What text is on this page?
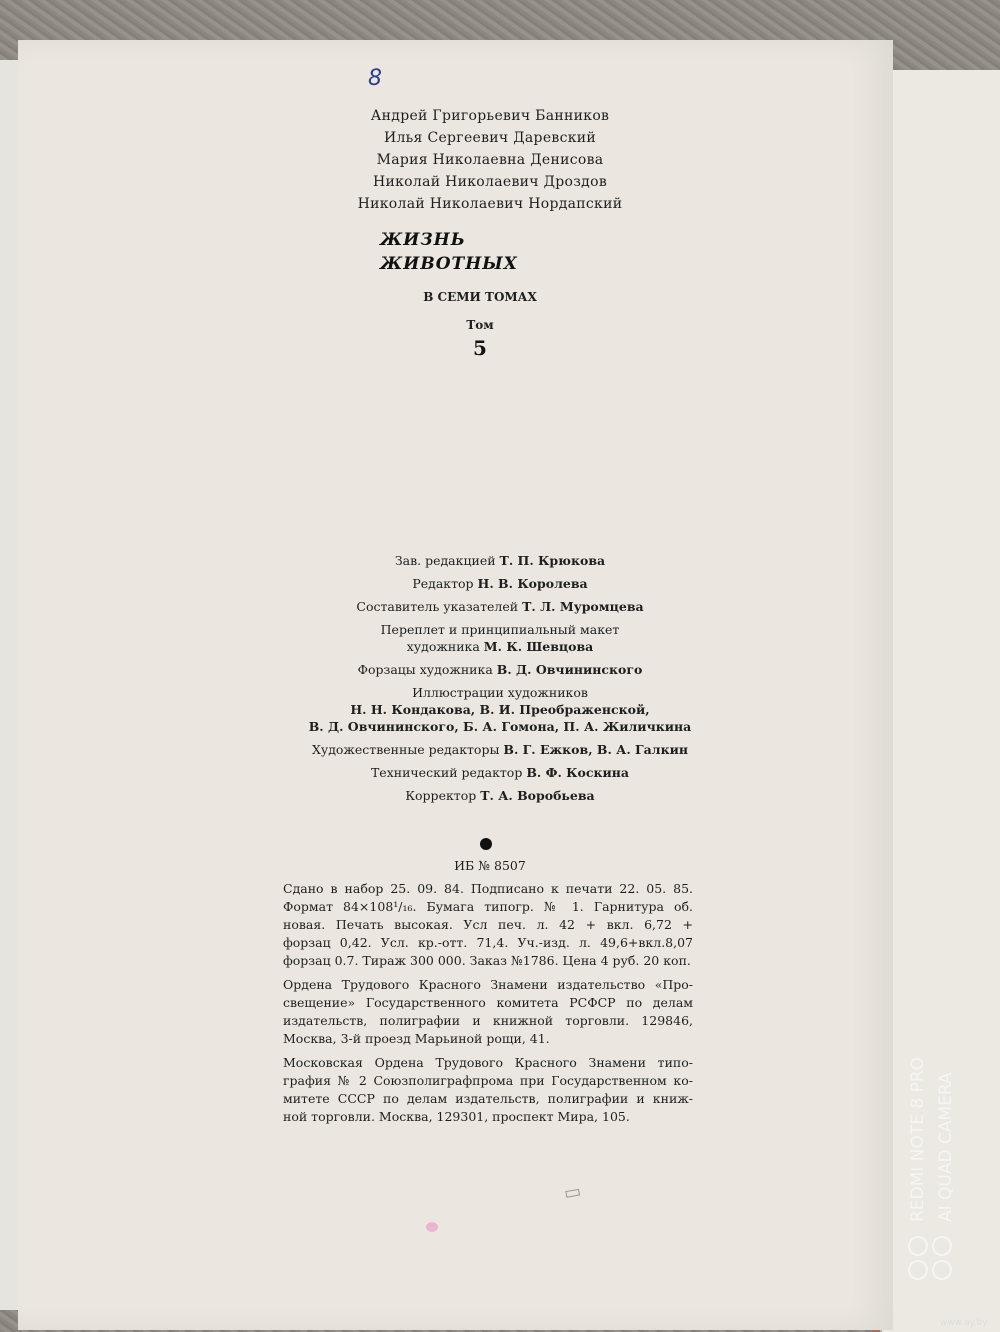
8
Андрей Григорьевич Банников
Илья Сергеевич Даревский
Мария Николаевна Денисова
Николай Николаевич Дроздов
Николай Николаевич Нордапский
ЖИЗНЬ
ЖИВОТНЫХ
В СЕМИ ТОМАХ
Том
5
Зав. редакцией Т. П. Крюкова
Редактор Н. В. Королева
Составитель указателей Т. Л. Муромцева
Переплет и принципиальный макет
художника М. К. Шевцова
Форзацы художника В. Д. Овчининского
Иллюстрации художников
Н. Н. Кондакова, В. И. Преображенской,
В. Д. Овчининского, Б. А. Гомона, П. А. Жиличкина
Художественные редакторы В. Г. Ежков, В. А. Галкин
Технический редактор В. Ф. Коскина
Корректор Т. А. Воробьева
ИБ № 8507

Сдано в набор 25. 09. 84. Подписано к печати 22. 05. 85.
Формат 84×108¹/₁₆. Бумага типогр. № 1. Гарнитура об.
новая. Печать высокая. Усл печ. л. 42 + вкл. 6,72 +
форзац 0,42. Усл. кр.-отт. 71,4. Уч.-изд. л. 49,6+вкл.8,07
форзац 0.7. Тираж 300 000. Заказ №1786. Цена 4 руб. 20 коп.

Ордена Трудового Красного Знамени издательство «Про-
свещение» Государственного комитета РСФСР по делам
издательств, полиграфии и книжной торговли. 129846,
Москва, 3-й проезд Марьиной рощи, 41.

Московская Ордена Трудового Красного Знамени типо-
графия № 2 Союзполиграфпрома при Государственном ко-
митете СССР по делам издательств, полиграфии и книж-
ной торговли. Москва, 129301, проспект Мира, 105.

▭	REDMI NOTE 8 PRO AI QUAD CAMERA
www.ay.by
